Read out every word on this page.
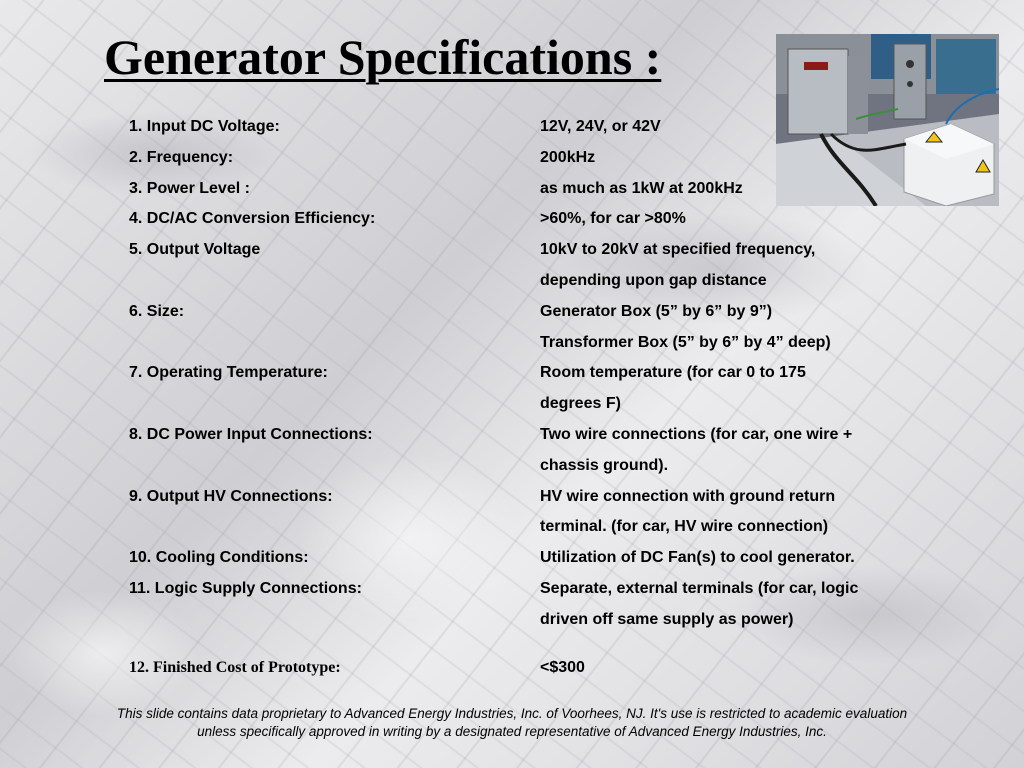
Generator Specifications :
1. Input DC Voltage:	12V, 24V, or 42V
2. Frequency:	200kHz
3. Power Level :	as much as 1kW at 200kHz
4. DC/AC Conversion Efficiency:	>60%, for car >80%
5. Output Voltage	10kV to 20kV at specified frequency,
depending upon gap distance
6. Size:	Generator Box (5” by 6” by 9”)
Transformer Box (5” by 6” by 4” deep)
7. Operating Temperature:	Room temperature (for car 0 to 175
degrees F)
8. DC Power Input Connections:	Two wire connections (for car, one wire +
chassis ground).
9. Output HV Connections:	HV wire connection with ground return
terminal. (for car, HV wire connection)
10. Cooling Conditions:	Utilization of DC Fan(s) to cool generator.
11. Logic Supply Connections:	Separate, external terminals (for car, logic
driven off same supply as power)
12. Finished Cost of Prototype:	<$300
This slide contains data proprietary to Advanced Energy Industries, Inc. of Voorhees, NJ. It's use is restricted to academic evaluation
unless specifically approved in writing by a designated representative of Advanced Energy Industries, Inc.
